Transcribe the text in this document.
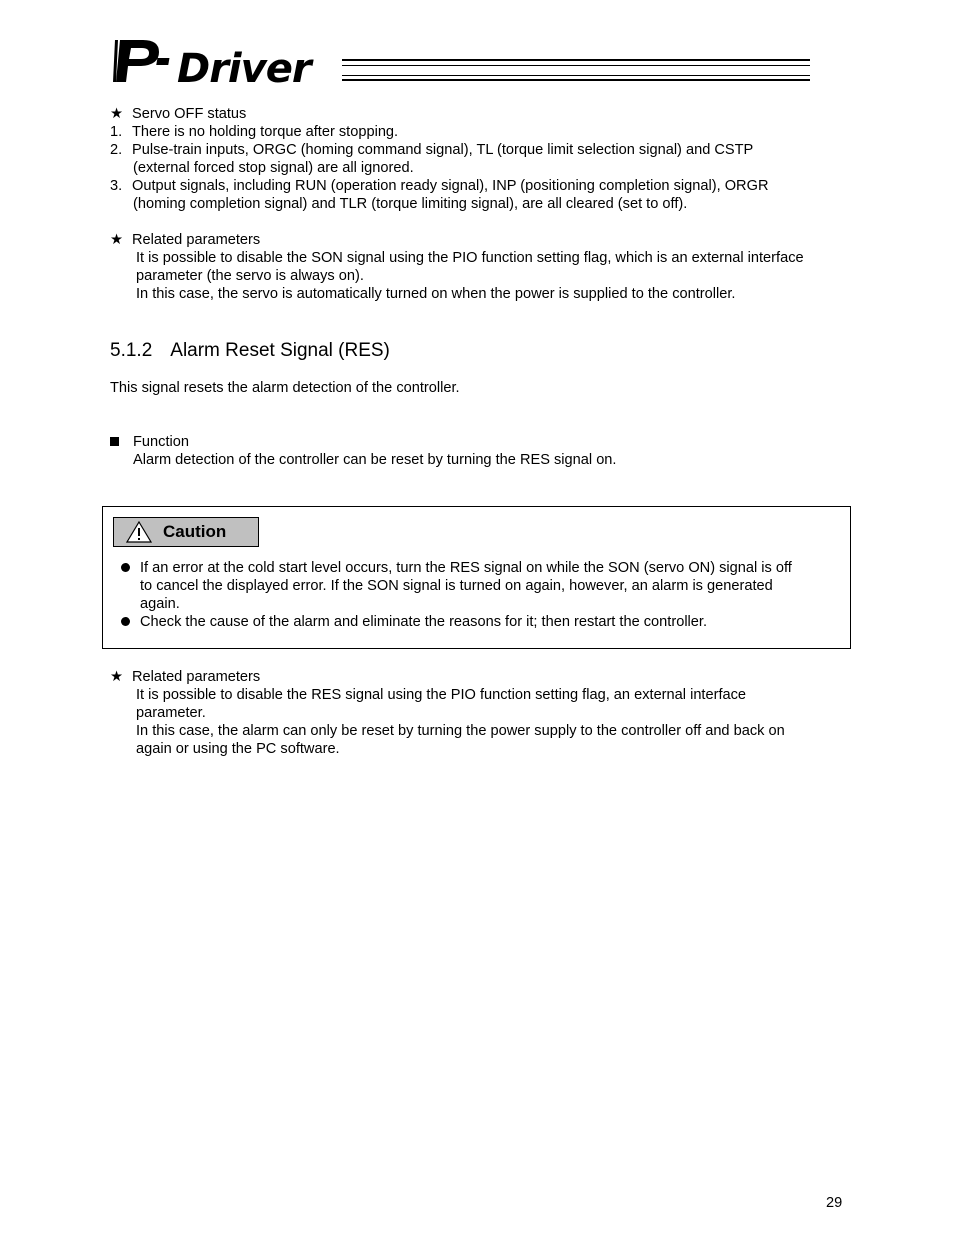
Driver
★ Servo OFF status
1. There is no holding torque after stopping.
2. Pulse-train inputs, ORGC (homing command signal), TL (torque limit selection signal) and CSTP
(external forced stop signal) are all ignored.
3. Output signals, including RUN (operation ready signal), INP (positioning completion signal), ORGR
(homing completion signal) and TLR (torque limiting signal), are all cleared (set to off).
★ Related parameters
It is possible to disable the SON signal using the PIO function setting flag, which is an external interface
parameter (the servo is always on).
In this case, the servo is automatically turned on when the power is supplied to the controller.
5.1.2 Alarm Reset Signal (RES)
This signal resets the alarm detection of the controller.
Function
Alarm detection of the controller can be reset by turning the RES signal on.
Caution
If an error at the cold start level occurs, turn the RES signal on while the SON (servo ON) signal is off
to cancel the displayed error. If the SON signal is turned on again, however, an alarm is generated
again.
Check the cause of the alarm and eliminate the reasons for it; then restart the controller.
★ Related parameters
It is possible to disable the RES signal using the PIO function setting flag, an external interface
parameter.
In this case, the alarm can only be reset by turning the power supply to the controller off and back on
again or using the PC software.
29
